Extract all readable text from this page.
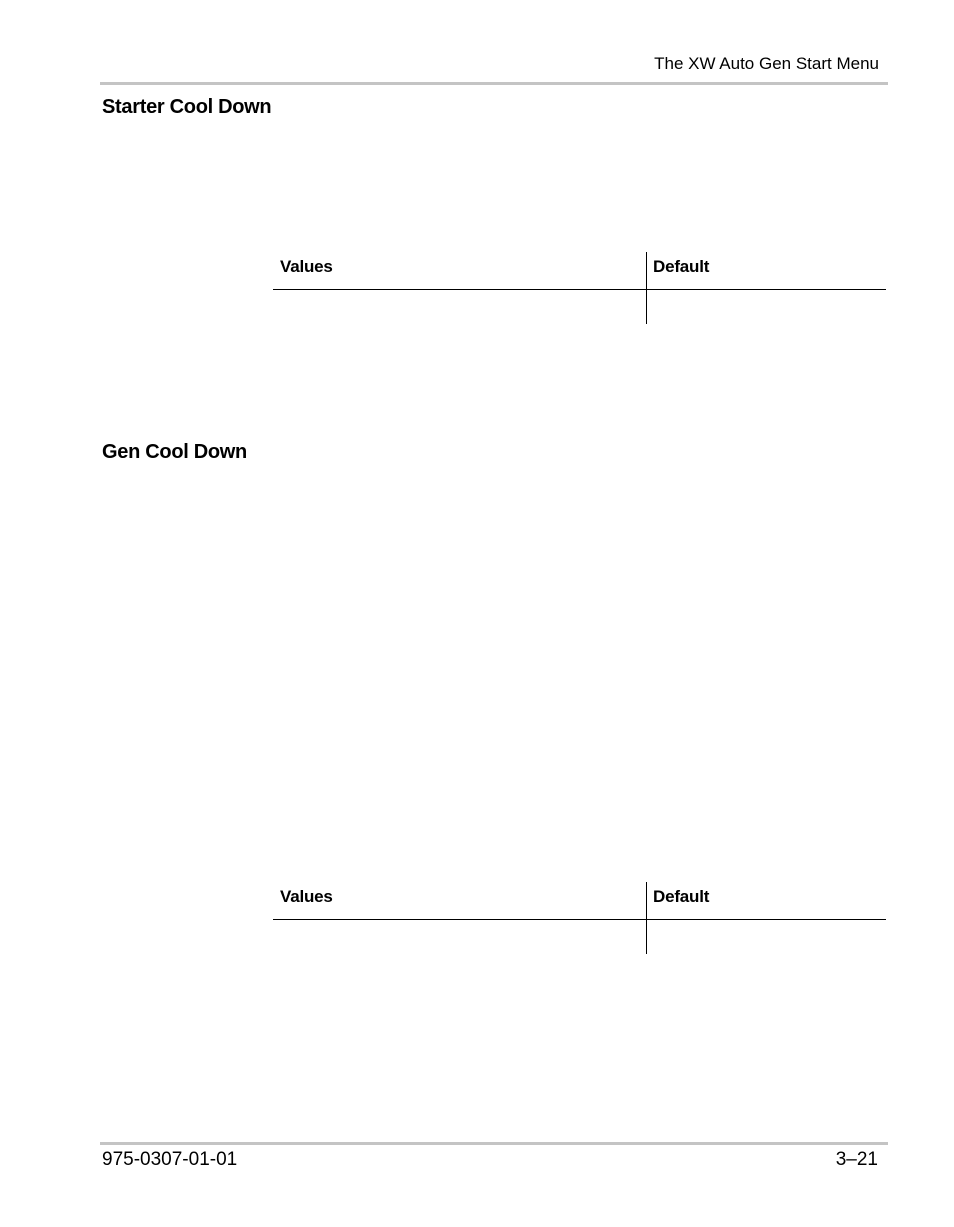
The XW Auto Gen Start Menu
Starter Cool Down
Values	Default
Gen Cool Down
Values	Default
975-0307-01-01	3–21
